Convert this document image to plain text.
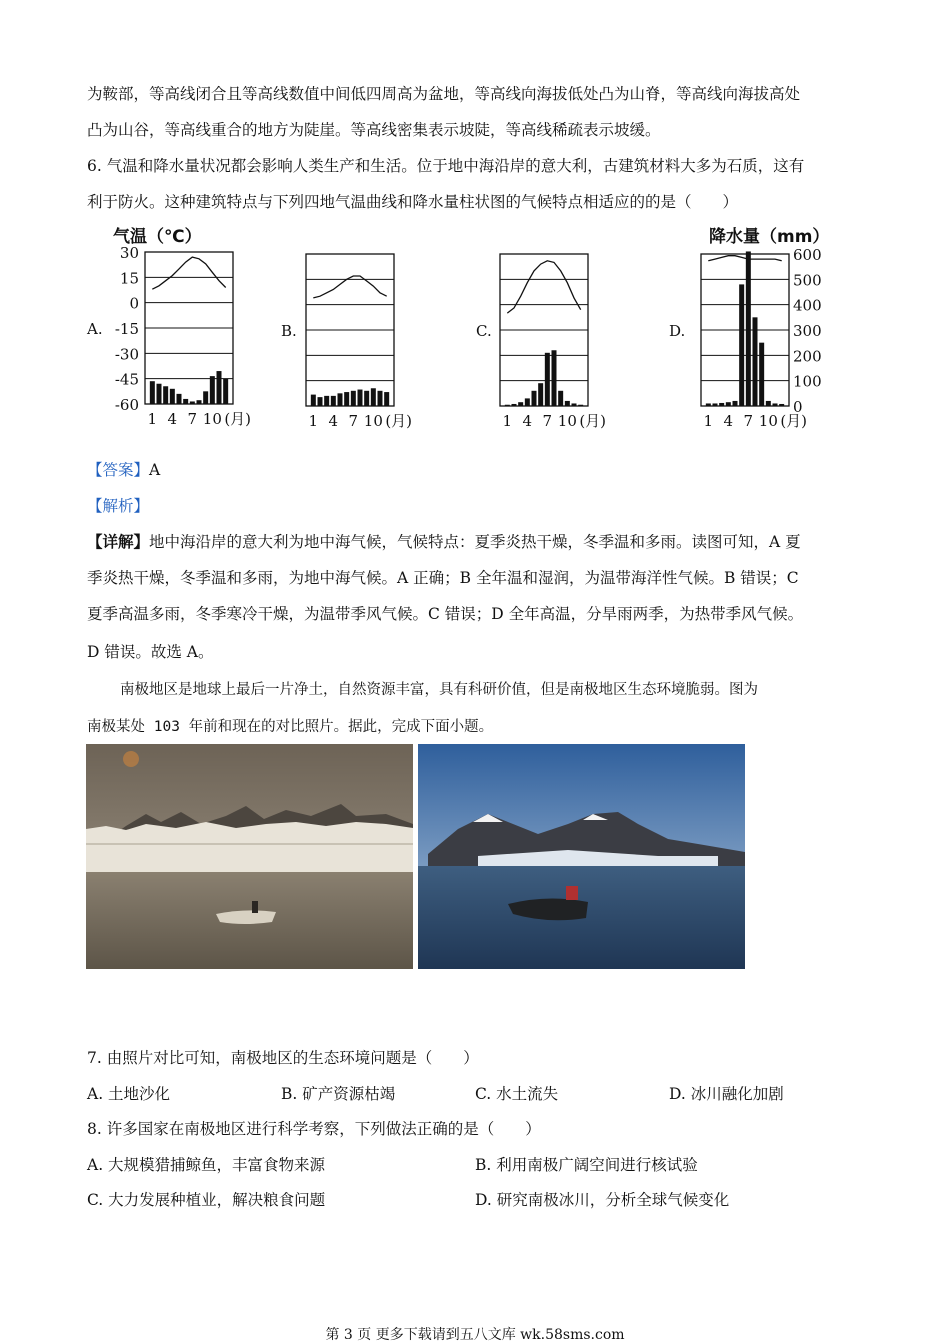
为鞍部，等高线闭合且等高线数值中间低四周高为盆地，等高线向海拔低处凸为山脊，等高线向海拔高处
凸为山谷，等高线重合的地方为陡崖。等高线密集表示坡陡，等高线稀疏表示坡缓。
6. 气温和降水量状况都会影响人类生产和生活。位于地中海沿岸的意大利，古建筑材料大多为石质，这有
利于防火。这种建筑特点与下列四地气温曲线和降水量柱状图的气候特点相适应的的是（　　）
A.
1 4 7 10 (月)
30
15
0
-15
-30
-45
-60
气温（℃）
B.
1 4 7 10 (月)
C.
1 4 7 10 (月)
D.
1 4 7 10 (月)
600
500
400
300
200
100
0
降水量（mm）
【答案】A
【解析】
【详解】地中海沿岸的意大利为地中海气候，气候特点：夏季炎热干燥，冬季温和多雨。读图可知，A 夏
季炎热干燥，冬季温和多雨，为地中海气候。A 正确；B 全年温和湿润，为温带海洋性气候。B 错误；C
夏季高温多雨，冬季寒冷干燥，为温带季风气候。C 错误；D 全年高温，分旱雨两季，为热带季风气候。
D 错误。故选 A。
南极地区是地球上最后一片净土，自然资源丰富，具有科研价值，但是南极地区生态环境脆弱。图为
南极某处 103 年前和现在的对比照片。据此，完成下面小题。
7. 由照片对比可知，南极地区的生态环境问题是（　　）
A. 土地沙化	B. 矿产资源枯竭	C. 水土流失	D. 冰川融化加剧
8. 许多国家在南极地区进行科学考察，下列做法正确的是（　　）
A. 大规模猎捕鲸鱼，丰富食物来源	B. 利用南极广阔空间进行核试验
C. 大力发展种植业，解决粮食问题	D. 研究南极冰川，分析全球气候变化
第 3 页 更多下载请到五八文库 wk.58sms.com
